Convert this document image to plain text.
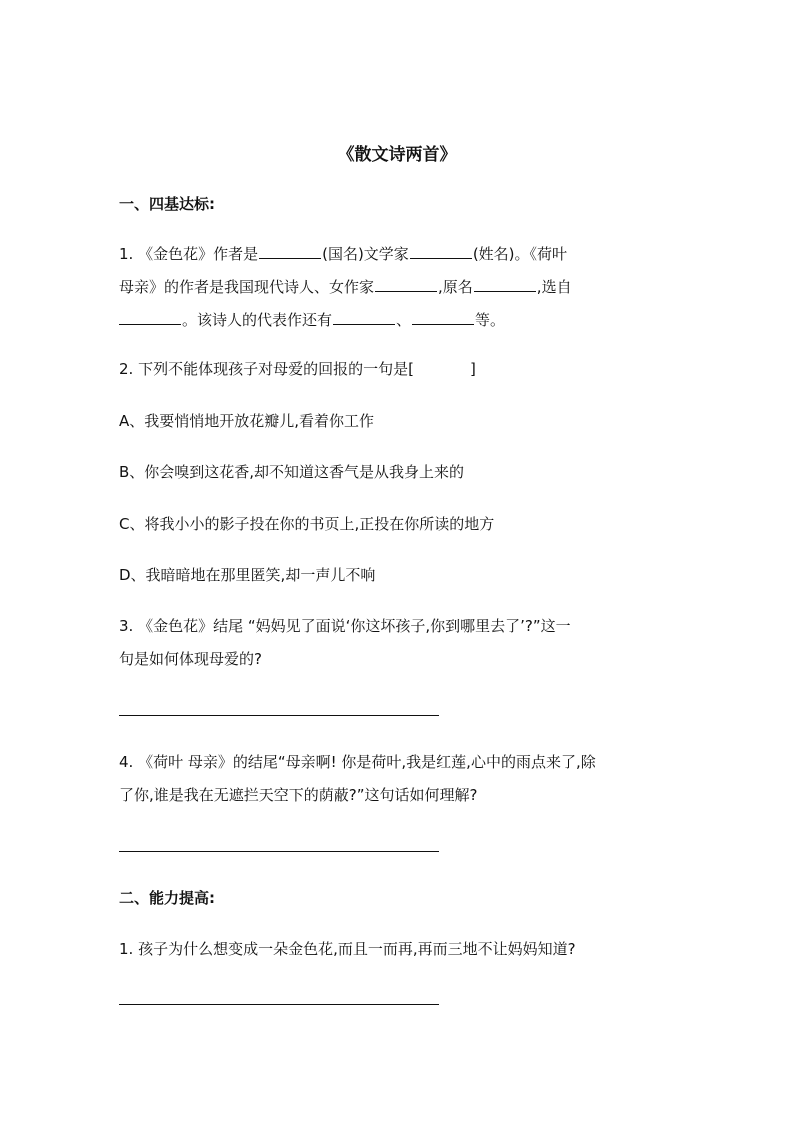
《散文诗两首》
一、四基达标:
1. 《金色花》作者是	(国名)文学家	(姓名)。《荷叶
母亲》的作者是我国现代诗人、女作家	,原名	,选自
。该诗人的代表作还有	、	等。
2. 下列不能体现孩子对母爱的回报的一句是[	]
A、我要悄悄地开放花瓣儿,看着你工作
B、你会嗅到这花香,却不知道这香气是从我身上来的
C、将我小小的影子投在你的书页上,正投在你所读的地方
D、我暗暗地在那里匿笑,却一声儿不响
3. 《金色花》结尾 “妈妈见了面说‘你这坏孩子,你到哪里去了’?”这一
句是如何体现母爱的?
4. 《荷叶 母亲》的结尾“母亲啊! 你是荷叶,我是红莲,心中的雨点来了,除
了你,谁是我在无遮拦天空下的荫蔽?”这句话如何理解?
二、能力提高:
1. 孩子为什么想变成一朵金色花,而且一而再,再而三地不让妈妈知道?
